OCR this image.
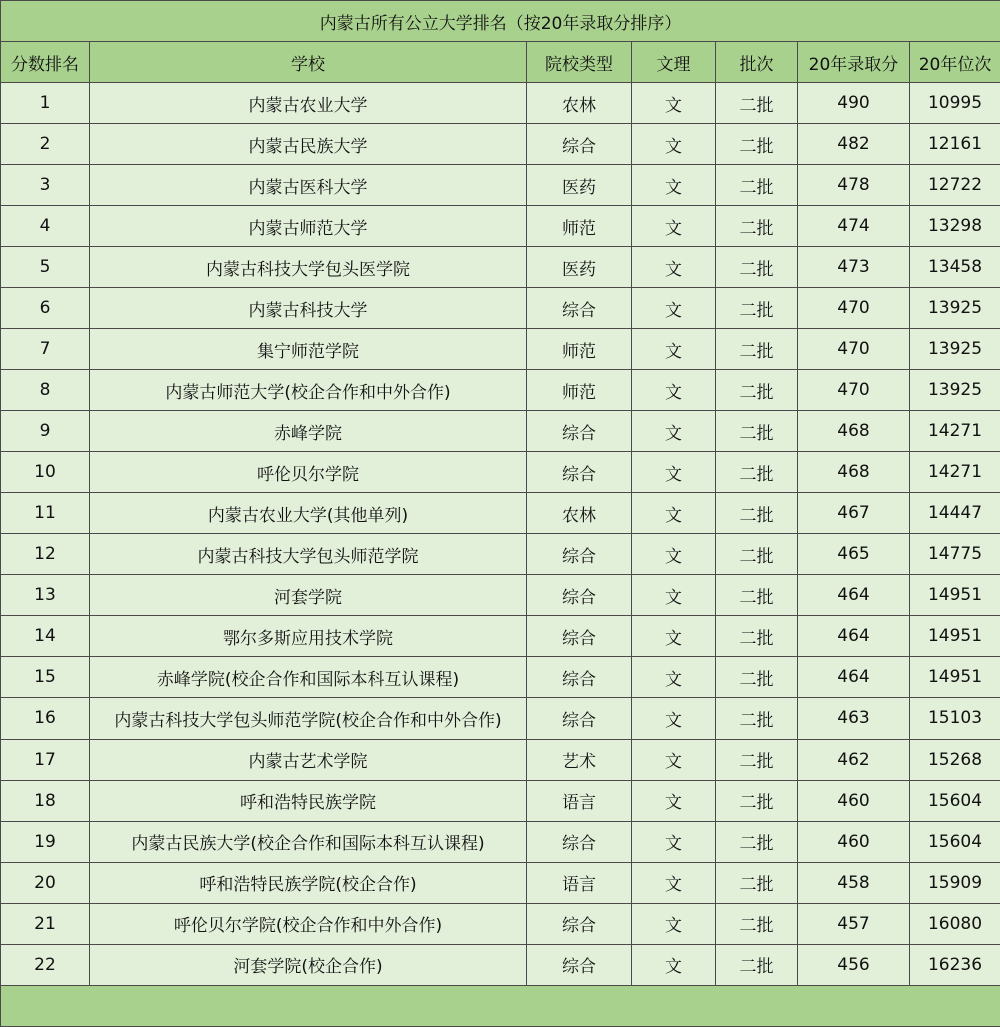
内蒙古所有公立大学排名（按20年录取分排序）						
分数排名	学校	院校类型	文理	批次	20年录取分	20年位次
1	内蒙古农业大学	农林	文	二批	490	10995
2	内蒙古民族大学	综合	文	二批	482	12161
3	内蒙古医科大学	医药	文	二批	478	12722
4	内蒙古师范大学	师范	文	二批	474	13298
5	内蒙古科技大学包头医学院	医药	文	二批	473	13458
6	内蒙古科技大学	综合	文	二批	470	13925
7	集宁师范学院	师范	文	二批	470	13925
8	内蒙古师范大学(校企合作和中外合作)	师范	文	二批	470	13925
9	赤峰学院	综合	文	二批	468	14271
10	呼伦贝尔学院	综合	文	二批	468	14271
11	内蒙古农业大学(其他单列)	农林	文	二批	467	14447
12	内蒙古科技大学包头师范学院	综合	文	二批	465	14775
13	河套学院	综合	文	二批	464	14951
14	鄂尔多斯应用技术学院	综合	文	二批	464	14951
15	赤峰学院(校企合作和国际本科互认课程)	综合	文	二批	464	14951
16	内蒙古科技大学包头师范学院(校企合作和中外合作)	综合	文	二批	463	15103
17	内蒙古艺术学院	艺术	文	二批	462	15268
18	呼和浩特民族学院	语言	文	二批	460	15604
19	内蒙古民族大学(校企合作和国际本科互认课程)	综合	文	二批	460	15604
20	呼和浩特民族学院(校企合作)	语言	文	二批	458	15909
21	呼伦贝尔学院(校企合作和中外合作)	综合	文	二批	457	16080
22	河套学院(校企合作)	综合	文	二批	456	16236
